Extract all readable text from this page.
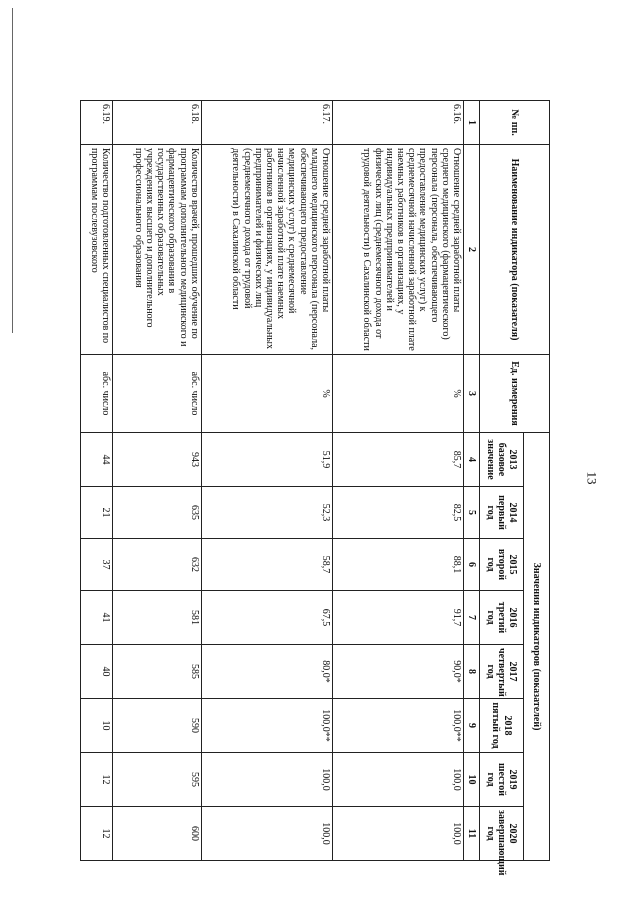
13
№ пп.	Наименование индикатора (показателя)	Ед. измерения	Значения индикаторов (показателей)							
			2013 базовое значение	2014 первый год	2015 второй год	2016 третий год	2017 четвертый год	2018 пятый год	2019 шестой год	2020 завершающий год
1	2	3	4	5	6	7	8	9	10	11
6.16.	Отношение средней заработной платы среднего медицинского (фармацевтического) персонала (персонала, обеспечивающего предоставление медицинских услуг) к среднемесячной начисленной заработной плате наемных работников в организациях, у индивидуальных предпринимателей и физических лиц (среднемесячного дохода от трудовой деятельности) в Сахалинской области	%	85,7	82,5	88,1	91,7	90,0*	100,0**	100,0	100,0
6.17.	Отношение средней заработной платы младшего медицинского персонала (персонала, обеспечивающего предоставление медицинских услуг) к среднемесячной начисленной заработной плате наемных работников в организациях, у индивидуальных предпринимателей и физических лиц (среднемесячного дохода от трудовой деятельности) в Сахалинской области	%	51,9	52,3	58,7	67,5	80,0*	100,0**	100,0	100,0
6.18.	Количество врачей, прошедших обучение по программам дополнительного медицинского и фармацевтического образования в государственных образовательных учреждениях высшего и дополнительного профессионального образования	абс. число	943	635	632	581	585	590	595	600
6.19.	Количество подготовленных специалистов по программам послевузовского	абс. число	44	21	37	41	40	10	12	12
